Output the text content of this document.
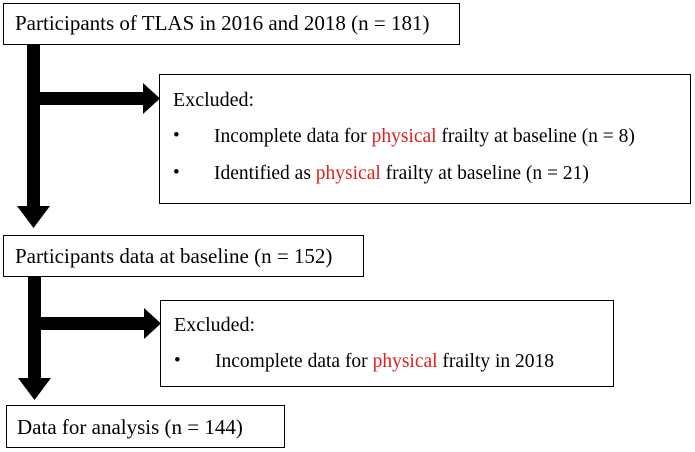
Participants of TLAS in 2016 and 2018 (n = 181)
Excluded:
• Incomplete data for physical frailty at baseline (n = 8)
• Identified as physical frailty at baseline (n = 21)
Participants data at baseline (n = 152)
Excluded:
• Incomplete data for physical frailty in 2018
Data for analysis (n = 144)
